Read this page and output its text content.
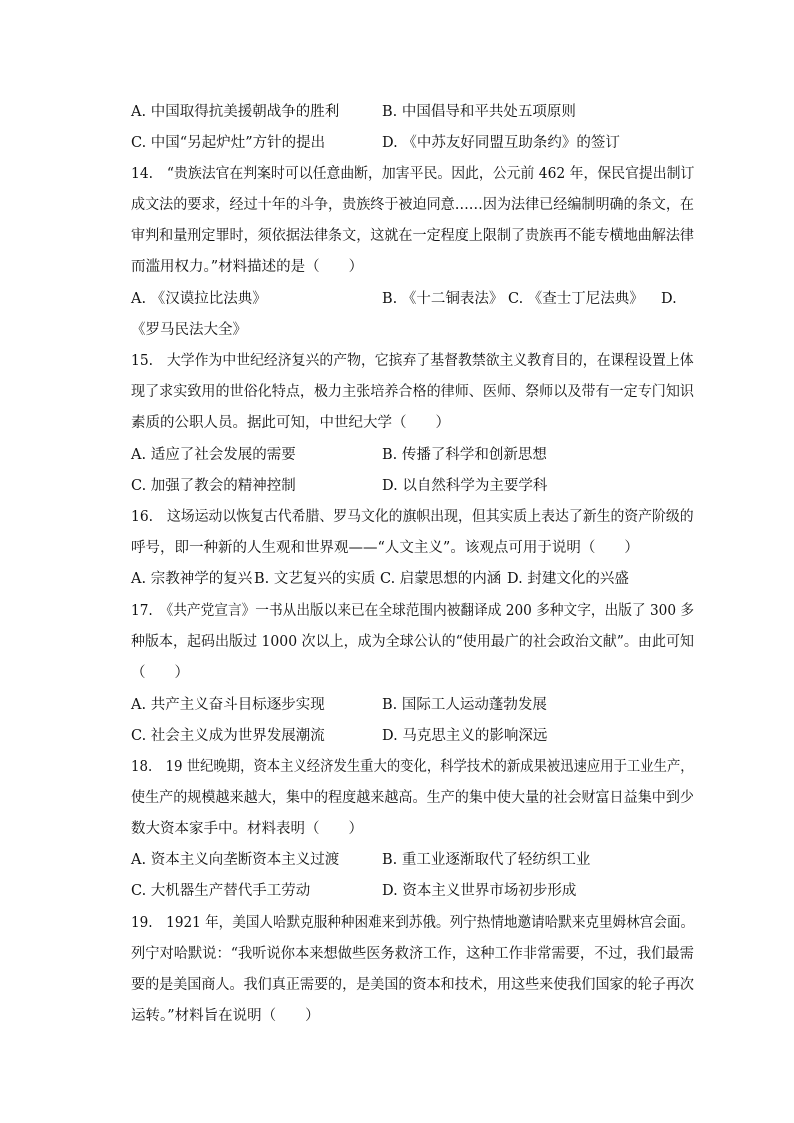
A. 中国取得抗美援朝战争的胜利	B. 中国倡导和平共处五项原则
C. 中国“另起炉灶”方针的提出	D. 《中苏友好同盟互助条约》的签订
14.　“贵族法官在判案时可以任意曲断，加害平民。因此，公元前 462 年，保民官提出制订
成文法的要求，经过十年的斗争，贵族终于被迫同意……因为法律已经编制明确的条文，在
审判和量刑定罪时，须依据法律条文，这就在一定程度上限制了贵族再不能专横地曲解法律
而滥用权力。”材料描述的是（　　）
A. 《汉谟拉比法典》	B. 《十二铜表法》 C. 《查士丁尼法典》 D.
《罗马民法大全》
15.　大学作为中世纪经济复兴的产物，它摈弃了基督教禁欲主义教育目的，在课程设置上体
现了求实致用的世俗化特点，极力主张培养合格的律师、医师、祭师以及带有一定专门知识
素质的公职人员。据此可知，中世纪大学（　　）
A. 适应了社会发展的需要	B. 传播了科学和创新思想
C. 加强了教会的精神控制	D. 以自然科学为主要学科
16.　这场运动以恢复古代希腊、罗马文化的旗帜出现，但其实质上表达了新生的资产阶级的
呼号，即一种新的人生观和世界观——“人文主义”。该观点可用于说明（　　）
A. 宗教神学的复兴 B. 文艺复兴的实质 C. 启蒙思想的内涵 D. 封建文化的兴盛
17.　《共产党宣言》一书从出版以来已在全球范围内被翻译成 200 多种文字，出版了 300 多
种版本，起码出版过 1000 次以上，成为全球公认的“使用最广的社会政治文献”。由此可知
（　　）
A. 共产主义奋斗目标逐步实现	B. 国际工人运动蓬勃发展
C. 社会主义成为世界发展潮流	D. 马克思主义的影响深远
18.　19 世纪晚期，资本主义经济发生重大的变化，科学技术的新成果被迅速应用于工业生产，
使生产的规模越来越大，集中的程度越来越高。生产的集中使大量的社会财富日益集中到少
数大资本家手中。材料表明（　　）
A. 资本主义向垄断资本主义过渡	B. 重工业逐渐取代了轻纺织工业
C. 大机器生产替代手工劳动	D. 资本主义世界市场初步形成
19.　1921 年，美国人哈默克服种种困难来到苏俄。列宁热情地邀请哈默来克里姆林宫会面。
列宁对哈默说：“我听说你本来想做些医务救济工作，这种工作非常需要，不过，我们最需
要的是美国商人。我们真正需要的，是美国的资本和技术，用这些来使我们国家的轮子再次
运转。”材料旨在说明（　　）
